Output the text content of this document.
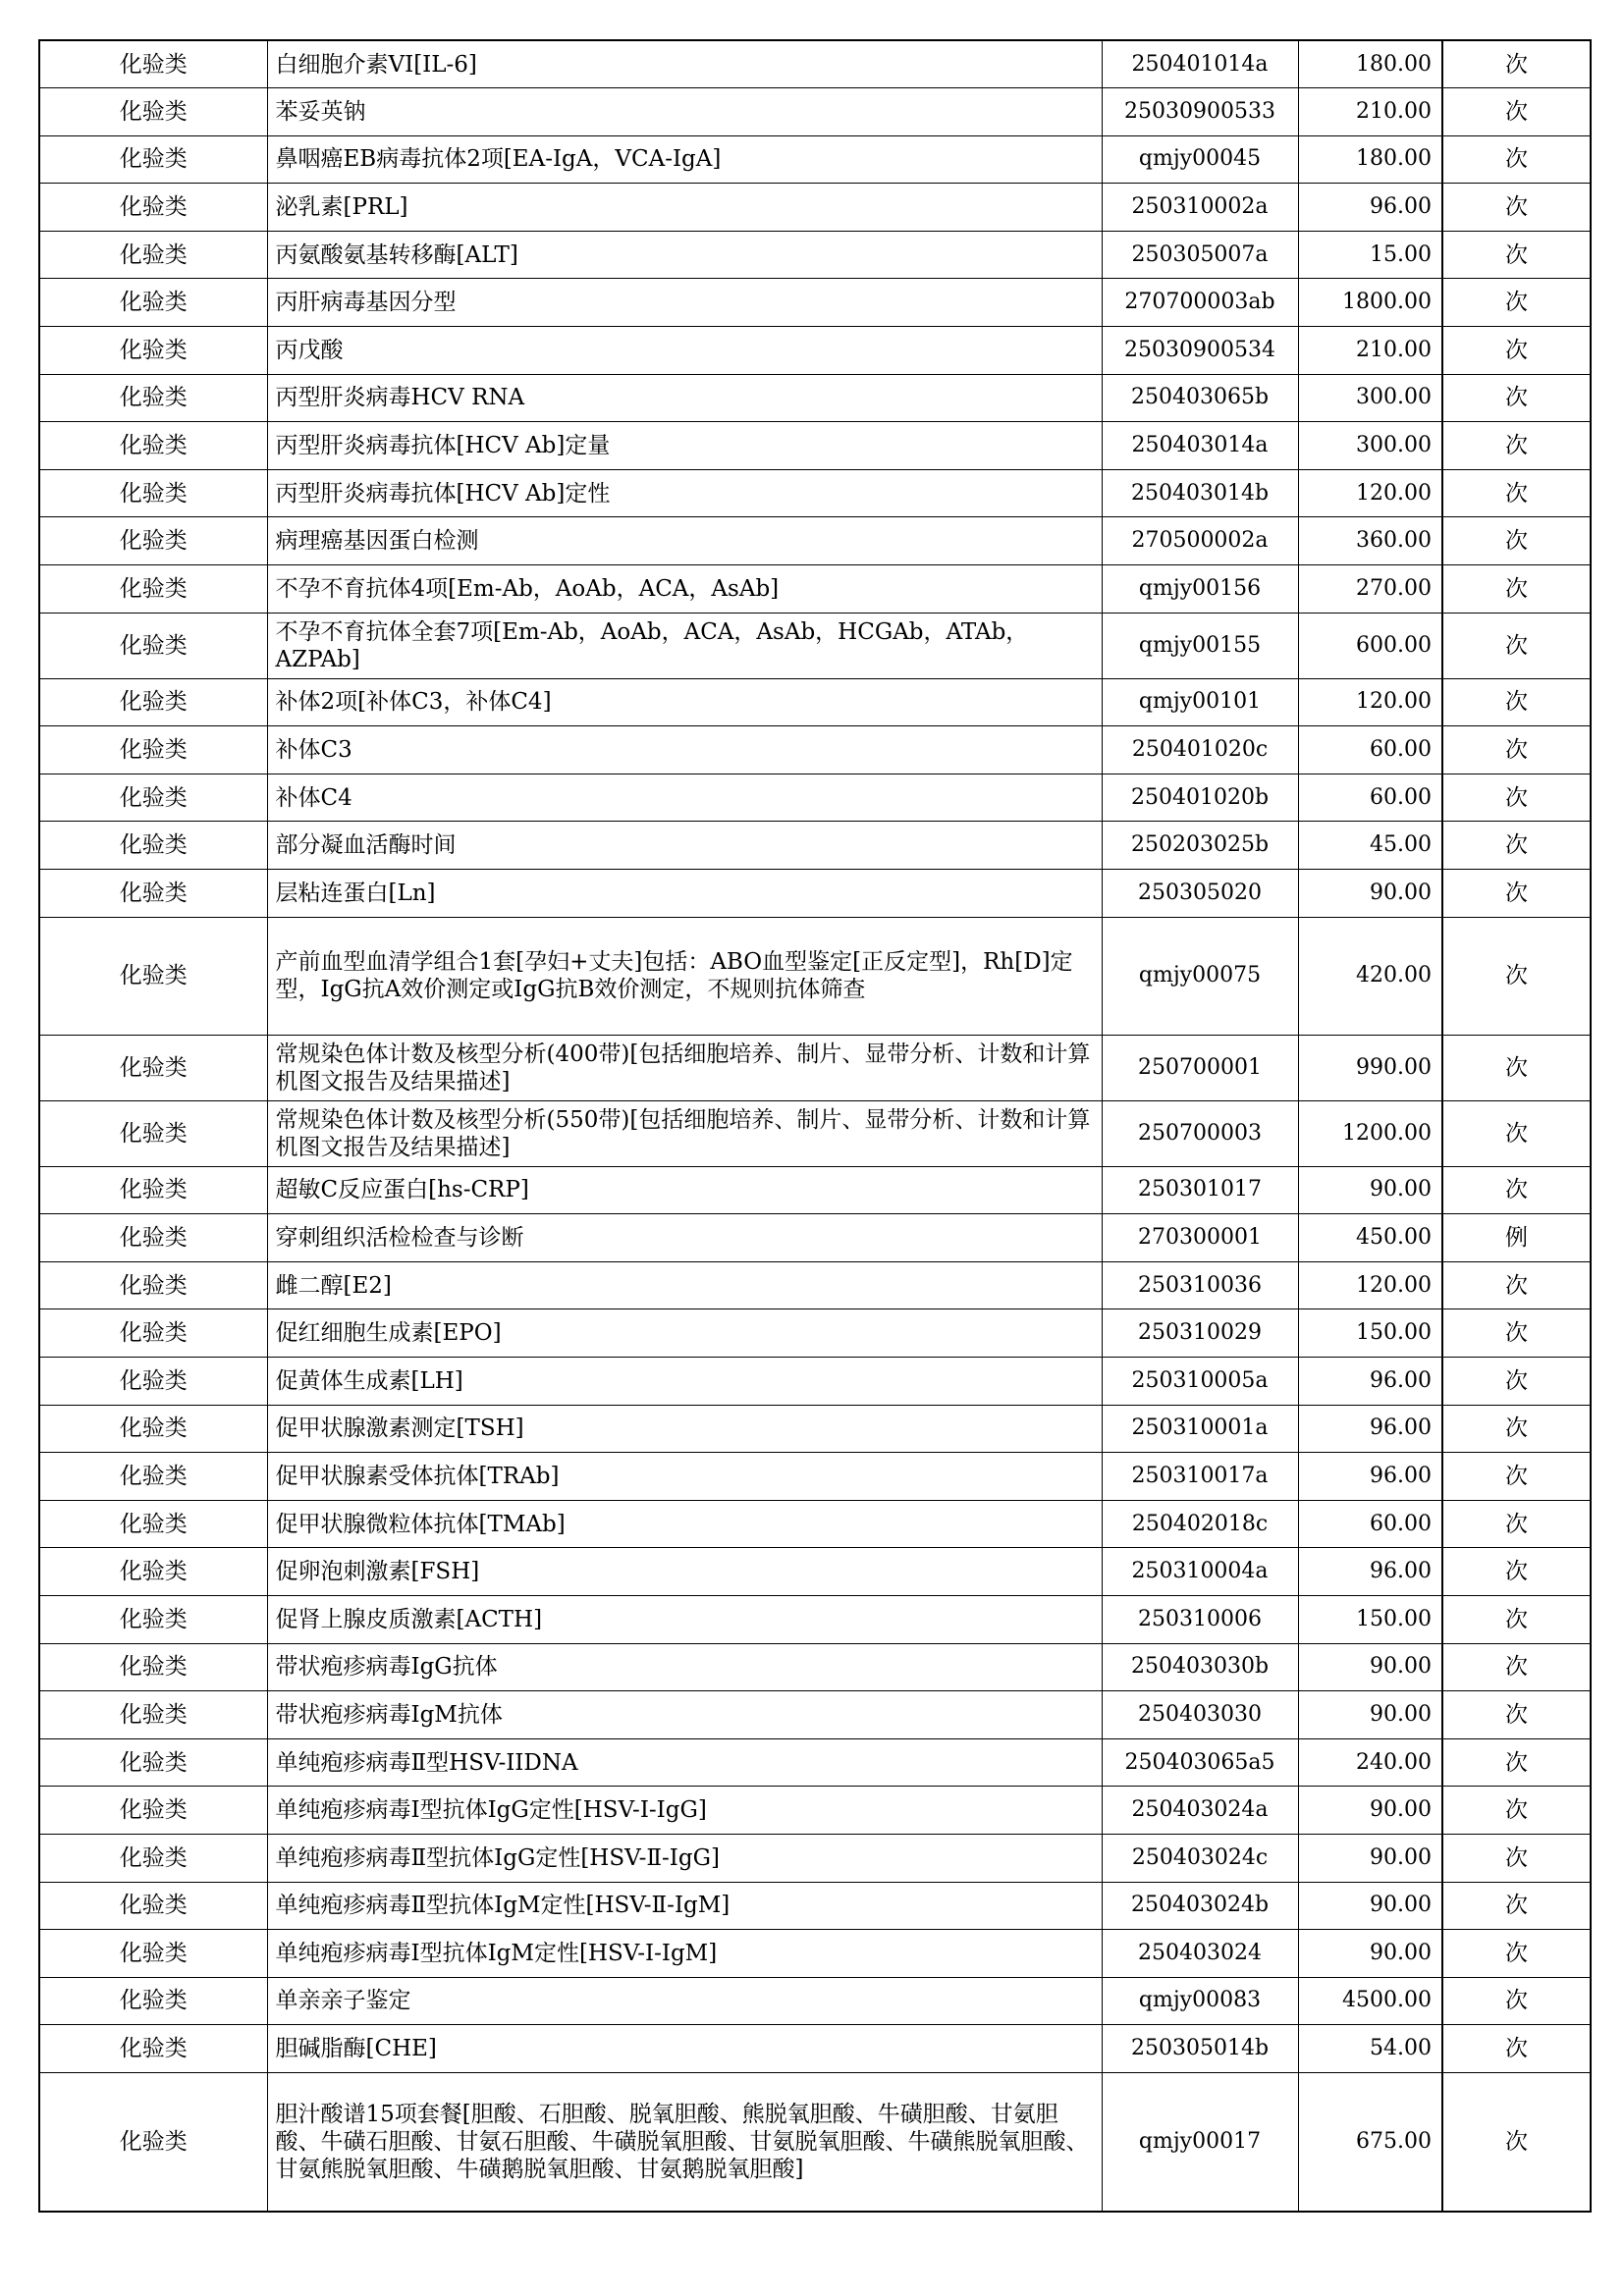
化验类	白细胞介素VI[IL-6]	250401014a	180.00	次
化验类	苯妥英钠	25030900533	210.00	次
化验类	鼻咽癌EB病毒抗体2项[EA-IgA，VCA-IgA]	qmjy00045	180.00	次
化验类	泌乳素[PRL]	250310002a	96.00	次
化验类	丙氨酸氨基转移酶[ALT]	250305007a	15.00	次
化验类	丙肝病毒基因分型	270700003ab	1800.00	次
化验类	丙戊酸	25030900534	210.00	次
化验类	丙型肝炎病毒HCV RNA	250403065b	300.00	次
化验类	丙型肝炎病毒抗体[HCV Ab]定量	250403014a	300.00	次
化验类	丙型肝炎病毒抗体[HCV Ab]定性	250403014b	120.00	次
化验类	病理癌基因蛋白检测	270500002a	360.00	次
化验类	不孕不育抗体4项[Em-Ab，AoAb，ACA，AsAb]	qmjy00156	270.00	次
化验类	不孕不育抗体全套7项[Em-Ab，AoAb，ACA，AsAb，HCGAb，ATAb，AZPAb]	qmjy00155	600.00	次
化验类	补体2项[补体C3，补体C4]	qmjy00101	120.00	次
化验类	补体C3	250401020c	60.00	次
化验类	补体C4	250401020b	60.00	次
化验类	部分凝血活酶时间	250203025b	45.00	次
化验类	层粘连蛋白[Ln]	250305020	90.00	次
化验类	产前血型血清学组合1套[孕妇+丈夫]包括：ABO血型鉴定[正反定型]，Rh[D]定型，IgG抗A效价测定或IgG抗B效价测定，不规则抗体筛查	qmjy00075	420.00	次
化验类	常规染色体计数及核型分析(400带)[包括细胞培养、制片、显带分析、计数和计算机图文报告及结果描述]	250700001	990.00	次
化验类	常规染色体计数及核型分析(550带)[包括细胞培养、制片、显带分析、计数和计算机图文报告及结果描述]	250700003	1200.00	次
化验类	超敏C反应蛋白[hs-CRP]	250301017	90.00	次
化验类	穿刺组织活检检查与诊断	270300001	450.00	例
化验类	雌二醇[E2]	250310036	120.00	次
化验类	促红细胞生成素[EPO]	250310029	150.00	次
化验类	促黄体生成素[LH]	250310005a	96.00	次
化验类	促甲状腺激素测定[TSH]	250310001a	96.00	次
化验类	促甲状腺素受体抗体[TRAb]	250310017a	96.00	次
化验类	促甲状腺微粒体抗体[TMAb]	250402018c	60.00	次
化验类	促卵泡刺激素[FSH]	250310004a	96.00	次
化验类	促肾上腺皮质激素[ACTH]	250310006	150.00	次
化验类	带状疱疹病毒IgG抗体	250403030b	90.00	次
化验类	带状疱疹病毒IgM抗体	250403030	90.00	次
化验类	单纯疱疹病毒Ⅱ型HSV-IIDNA	250403065a5	240.00	次
化验类	单纯疱疹病毒Ⅰ型抗体IgG定性[HSV-Ⅰ-IgG]	250403024a	90.00	次
化验类	单纯疱疹病毒Ⅱ型抗体IgG定性[HSV-Ⅱ-IgG]	250403024c	90.00	次
化验类	单纯疱疹病毒Ⅱ型抗体IgM定性[HSV-Ⅱ-IgM]	250403024b	90.00	次
化验类	单纯疱疹病毒Ⅰ型抗体IgM定性[HSV-I-IgM]	250403024	90.00	次
化验类	单亲亲子鉴定	qmjy00083	4500.00	次
化验类	胆碱脂酶[CHE]	250305014b	54.00	次
化验类	胆汁酸谱15项套餐[胆酸、石胆酸、脱氧胆酸、熊脱氧胆酸、牛磺胆酸、甘氨胆酸、牛磺石胆酸、甘氨石胆酸、牛磺脱氧胆酸、甘氨脱氧胆酸、牛磺熊脱氧胆酸、甘氨熊脱氧胆酸、牛磺鹅脱氧胆酸、甘氨鹅脱氧胆酸]	qmjy00017	675.00	次
